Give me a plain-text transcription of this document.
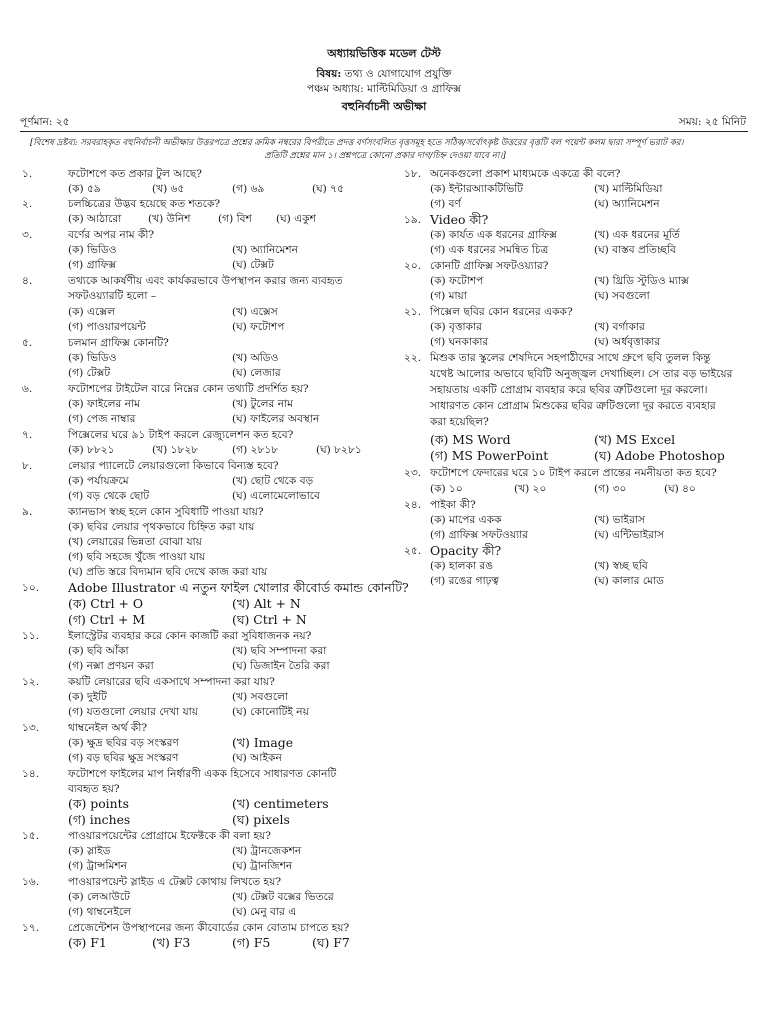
অধ্যায়ভিত্তিক মডেল টেস্ট
বিষয়: তথ্য ও যোগাযোগ প্রযুক্তি
পঞ্চম অধ্যায়: মাল্টিমিডিয়া ও গ্রাফিক্স
বহুনির্বাচনী অভীক্ষা
পূর্ণমান: ২৫	সময়: ২৫ মিনিট
[বিশেষ দ্রষ্টব্য: সরবরাহকৃত বহুনির্বাচনী অভীক্ষার উত্তরপত্রে প্রশ্নের ক্রমিক নম্বরের বিপরীতে প্রদত্ত বর্ণসংবলিত বৃত্তসমূহ হতে সঠিক/সর্বোৎকৃষ্ট উত্তরের বৃত্তটি বল পয়েন্ট কলম দ্বারা সম্পূর্ণ ভরাট কর।
প্রতিটি প্রশ্নের মান ১। প্রশ্নপত্রে কোনো প্রকার দাগ/চিহ্ন দেওয়া যাবে না।]
১.	ফটোশপে কত প্রকার টুল আছে?
(ক) ৫৯	(খ) ৬৫	(গ) ৬৯	(ঘ) ৭৫
২.	চলচ্চিত্রের উদ্ভব হয়েছে কত শতকে?
(ক) আঠারো	(খ) উনিশ	(গ) বিশ (ঘ) একুশ
৩.	বর্ণের অপর নাম কী?
(ক) ভিডিও	(খ) অ্যানিমেশন
(গ) গ্রাফিক্স	(ঘ) টেক্সট
৪.	তথ্যকে আকর্ষণীয় এবং কার্যকরভাবে উপস্থাপন করার জন্য ব্যবহৃত
সফটওয়্যারটি হলো –
(ক) এক্সেল	(খ) এক্সেস
(গ) পাওয়ারপয়েন্ট	(ঘ) ফটোশপ
৫.	চলমান গ্রাফিক্স কোনটি?
(ক) ভিডিও	(খ) অডিও
(গ) টেক্সট	(ঘ) লেজার
৬.	ফটোশপের টাইটেল বারে নিম্নের কোন তথ্যটি প্রদর্শিত হয়?
(ক) ফাইলের নাম	(খ) টুলের নাম
(গ) পেজ নাম্বার	(ঘ) ফাইলের অবস্থান
৭.	পিক্সেলের ঘরে ৯১ টাইপ করলে রেজ্যুলেশন কত হবে?
(ক) ৮৮২১	(খ) ১৮২৮	(গ) ২৮১৮	(ঘ) ৮২৮১
৮.	লেয়ার প্যালেটে লেয়ারগুলো কিভাবে বিন্যস্ত হবে?
(ক) পর্যায়ক্রমে	(খ) ছোট থেকে বড়
(গ) বড় থেকে ছোট	(ঘ) এলোমেলোভাবে
৯.	ক্যানভাস স্বচ্ছ হলে কোন সুবিধাটি পাওয়া যায়?
(ক) ছবির লেয়ার পৃথকভাবে চিহ্নিত করা যায়
(খ) লেয়ারের ভিন্নতা বোঝা যায়
(গ) ছবি সহজে খুঁজে পাওয়া যায়
(ঘ) প্রতি স্তরে বিদ্যমান ছবি দেখে কাজ করা যায়
১০. Adobe Illustrator এ নতুন ফাইল খোলার কীবোর্ড কমান্ড কোনটি?
(ক) Ctrl + O	(খ) Alt + N
(গ) Ctrl + M	(ঘ) Ctrl + N
১১.	ইলাস্ট্রেটর ব্যবহার করে কোন কাজটি করা সুবিধাজনক নয়?
(ক) ছবি আঁকা	(খ) ছবি সম্পাদনা করা
(গ) নক্সা প্রণয়ন করা	(ঘ) ডিজাইন তৈরি করা
১২.	কয়টি লেয়ারের ছবি একসাথে সম্পাদনা করা যায়?
(ক) দুইটি	(খ) সবগুলো
(গ) যতগুলো লেয়ার দেখা যায়	(ঘ) কোনোটিই নয়
১৩.	থাম্বনেইল অর্থ কী?
(ক) ক্ষুদ্র ছবির বড় সংস্করণ	(খ) Image
(গ) বড় ছবির ক্ষুদ্র সংস্করণ	(ঘ) আইকন
১৪.	ফটোশপে ফাইলের মাপ নির্ধারণী একক হিসেবে সাধারণত কোনটি
ব্যবহৃত হয়?
(ক) points	(খ) centimeters
(গ) inches	(ঘ) pixels
১৫.	পাওয়ারপয়েন্টের প্রোগ্রামে ইফেক্টকে কী বলা হয়?
(ক) স্লাইড	(খ) ট্রানজেকশন
(গ) ট্রান্সমিশন	(ঘ) ট্রানজিশন
১৬.	পাওয়ারপয়েন্ট স্লাইড এ টেক্সট কোথায় লিখতে হয়?
(ক) লেআউটে	(খ) টেক্সট বক্সের ভিতরে
(গ) থাম্বনেইলে	(ঘ) মেনু বার এ
১৭.	প্রেজেন্টেশন উপস্থাপনের জন্য কীবোর্ডের কোন বোতাম চাপতে হয়?
(ক) F1	(খ) F3	(গ) F5	(ঘ) F7
১৮. অনেকগুলো প্রকাশ মাধ্যমকে একত্রে কী বলে?
(ক) ইন্টারঅ্যাকটিভিটি	(খ) মাল্টিমিডিয়া
(গ) বর্ণ	(ঘ) অ্যানিমেশন
১৯. Video কী?
(ক) কার্যত এক ধরনের গ্রাফিক্স	(খ) এক ধরনের মূর্তি
(গ) এক ধরনের সমন্বিত চিত্র	(ঘ) বাস্তব প্রতিচ্ছবি
২০. কোনটি গ্রাফিক্স সফটওয়্যার?
(ক) ফটোশপ	(খ) থ্রিডি স্টুডিও ম্যাক্স
(গ) মায়া	(ঘ) সবগুলো
২১. পিক্সেল ছবির কোন ধরনের একক?
(ক) বৃত্তাকার	(খ) বর্গাকার
(গ) ঘনকাকার	(ঘ) অর্ধবৃত্তাকার
২২. মিশুক তার স্কুলের শেষদিনে সহপাঠীদের সাথে গ্রুপে ছবি তুলল কিন্তু
যথেষ্ট আলোর অভাবে ছবিটি অনুজ্জ্বল দেখাচ্ছিল। সে তার বড় ভাইয়ের
সহায়তায় একটি প্রোগ্রাম ব্যবহার করে ছবির ত্রুটিগুলো দূর করলো।
সাধারণত কোন প্রোগ্রাম মিশুকের ছবির ত্রুটিগুলো দূর করতে ব্যবহার
করা হয়েছিল?
(ক) MS Word	(খ) MS Excel
(গ) MS PowerPoint	(ঘ) Adobe Photoshop
২৩. ফটোশপে ফেদারের ঘরে ১০ টাইপ করলে প্রান্তের নমনীয়তা কত হবে?
(ক) ১০	(খ) ২০	(গ) ৩০	(ঘ) ৪০
২৪. পাইকা কী?
(ক) মাপের একক	(খ) ভাইরাস
(গ) গ্রাফিক্স সফটওয়্যার	(ঘ) এন্টিভাইরাস
২৫. Opacity কী?
(ক) হালকা রঙ	(খ) স্বচ্ছ ছবি
(গ) রঙের গাঢ়ত্ব	(ঘ) কালার মোড
